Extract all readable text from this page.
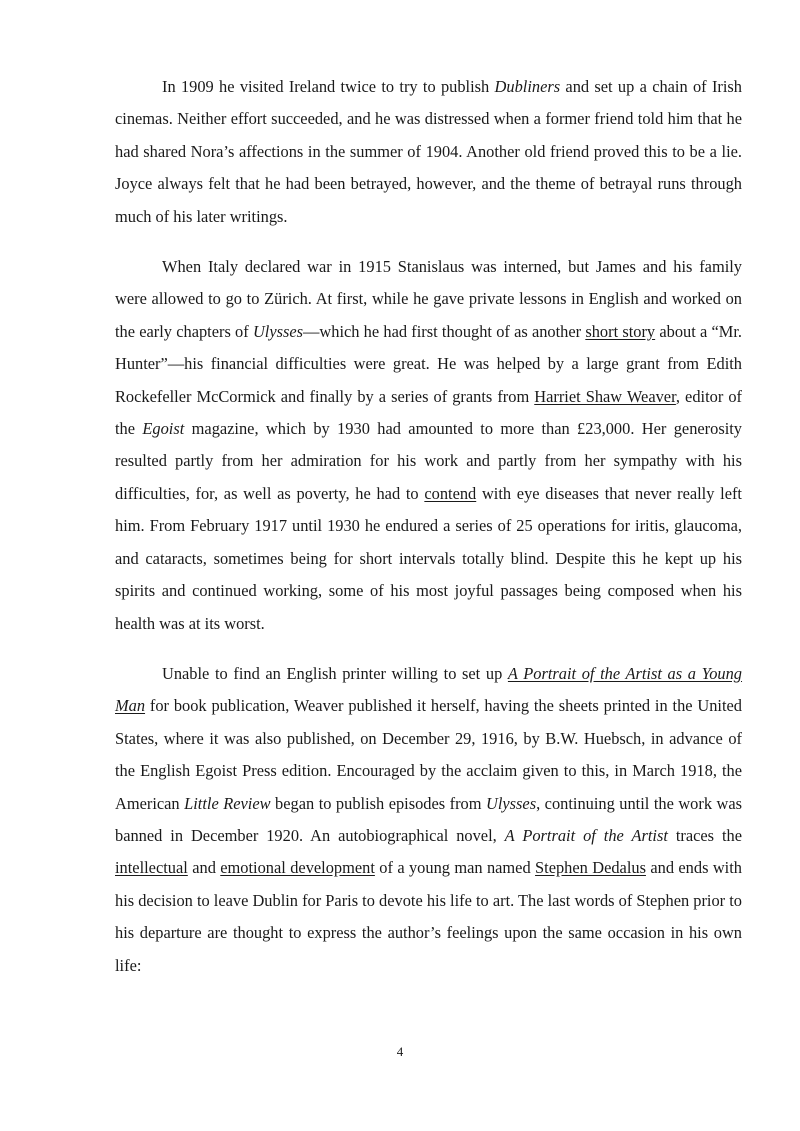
In 1909 he visited Ireland twice to try to publish Dubliners and set up a chain of Irish cinemas. Neither effort succeeded, and he was distressed when a former friend told him that he had shared Nora’s affections in the summer of 1904. Another old friend proved this to be a lie. Joyce always felt that he had been betrayed, however, and the theme of betrayal runs through much of his later writings.

When Italy declared war in 1915 Stanislaus was interned, but James and his family were allowed to go to Zürich. At first, while he gave private lessons in English and worked on the early chapters of Ulysses—which he had first thought of as another short story about a “Mr. Hunter”—his financial difficulties were great. He was helped by a large grant from Edith Rockefeller McCormick and finally by a series of grants from Harriet Shaw Weaver, editor of the Egoist magazine, which by 1930 had amounted to more than £23,000. Her generosity resulted partly from her admiration for his work and partly from her sympathy with his difficulties, for, as well as poverty, he had to contend with eye diseases that never really left him. From February 1917 until 1930 he endured a series of 25 operations for iritis, glaucoma, and cataracts, sometimes being for short intervals totally blind. Despite this he kept up his spirits and continued working, some of his most joyful passages being composed when his health was at its worst.

Unable to find an English printer willing to set up A Portrait of the Artist as a Young Man for book publication, Weaver published it herself, having the sheets printed in the United States, where it was also published, on December 29, 1916, by B.W. Huebsch, in advance of the English Egoist Press edition. Encouraged by the acclaim given to this, in March 1918, the American Little Review began to publish episodes from Ulysses, continuing until the work was banned in December 1920. An autobiographical novel, A Portrait of the Artist traces the intellectual and emotional development of a young man named Stephen Dedalus and ends with his decision to leave Dublin for Paris to devote his life to art. The last words of Stephen prior to his departure are thought to express the author’s feelings upon the same occasion in his own life:

4
